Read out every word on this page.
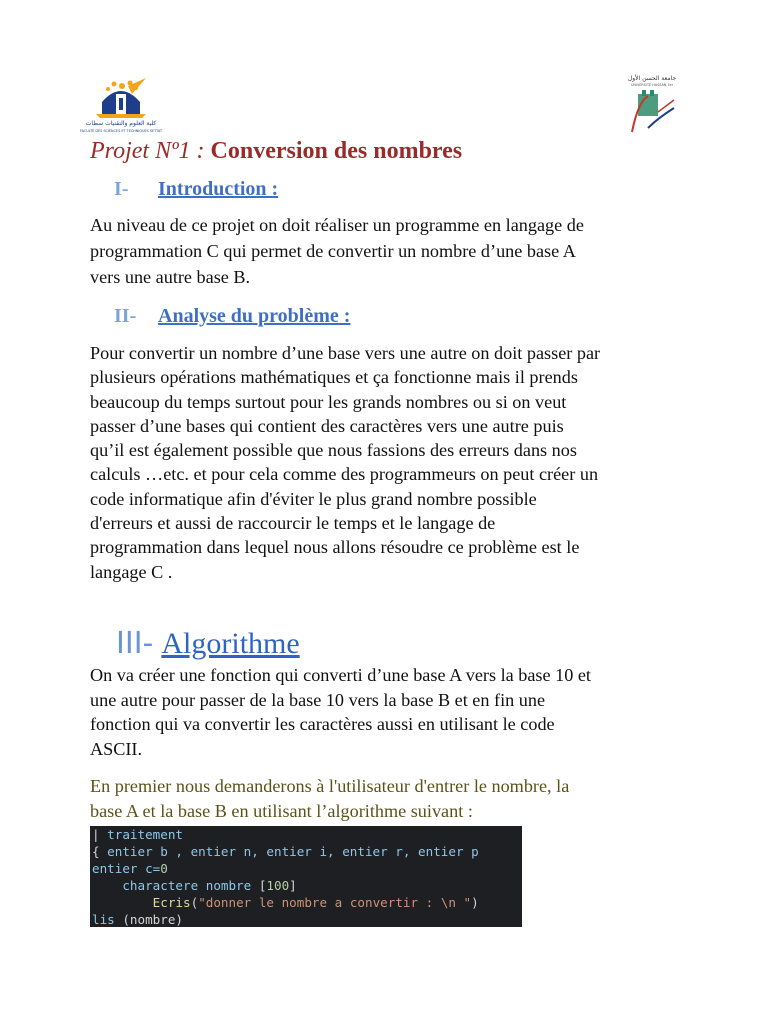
كلية العلوم والتقنيات سطات
FACULTÉ DES SCIENCES ET TECHNIQUES SETTAT
جامعة الحسن الأول
UNIVERSITÉ HASSAN 1er
Projet Nº1 : Conversion des nombres
I- Introduction :
Au niveau de ce projet on doit réaliser un programme en langage de
programmation C qui permet de convertir un nombre d’une base A
vers une autre base B.
II- Analyse du problème :
Pour convertir un nombre d’une base vers une autre on doit passer par
plusieurs opérations mathématiques et ça fonctionne mais il prends
beaucoup du temps surtout pour les grands nombres ou si on veut
passer d’une bases qui contient des caractères vers une autre puis
qu’il est également possible que nous fassions des erreurs dans nos
calculs …etc. et pour cela comme des programmeurs on peut créer un
code informatique afin d'éviter le plus grand nombre possible
d'erreurs et aussi de raccourcir le temps et le langage de
programmation dans lequel nous allons résoudre ce problème est le
langage C .
III- Algorithme
On va créer une fonction qui converti d’une base A vers la base 10 et
une autre pour passer de la base 10 vers la base B et en fin une
fonction qui va convertir les caractères aussi en utilisant le code
ASCII.
En premier nous demanderons à l'utilisateur d'entrer le nombre, la
base A et la base B en utilisant l’algorithme suivant :
| traitement
{ entier b , entier n, entier i, entier r, entier p
entier c=0
charactere nombre [100]
Ecris("donner le nombre a convertir : \n ")
lis (nombre)
